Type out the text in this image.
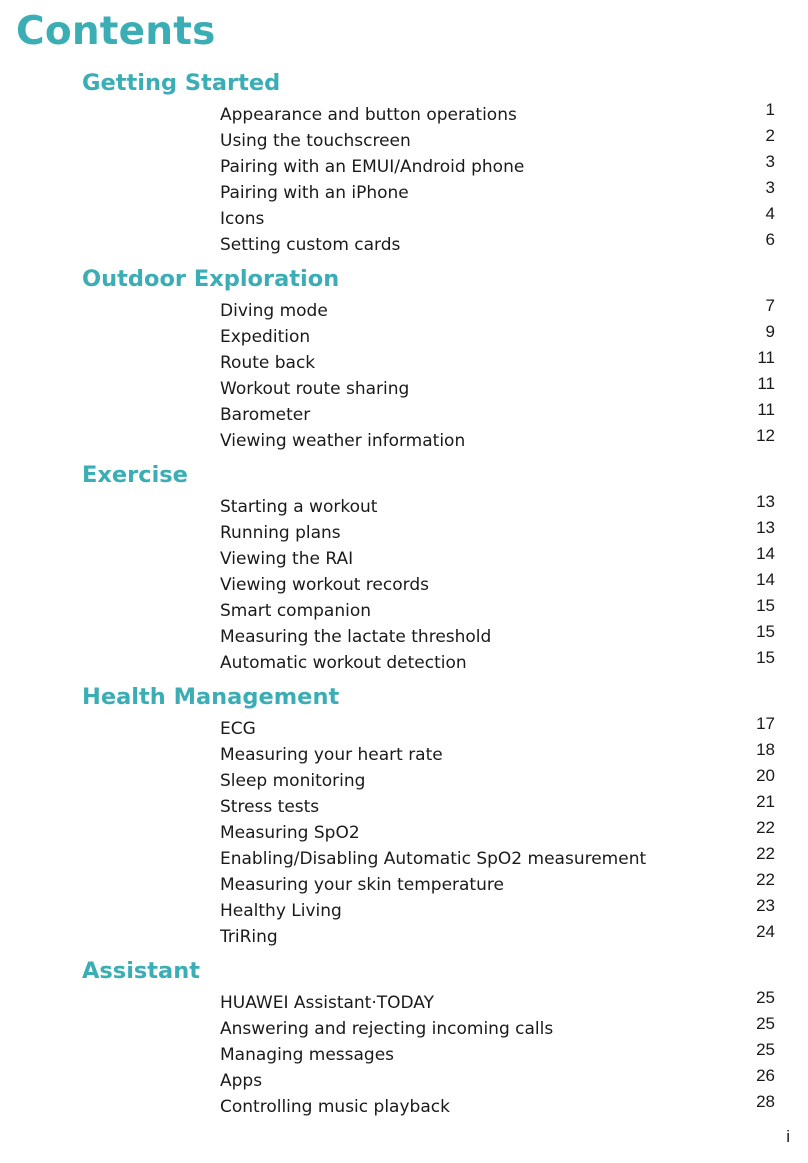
Contents
Getting Started
Appearance and button operations	1
Using the touchscreen	2
Pairing with an EMUI/Android phone	3
Pairing with an iPhone	3
Icons	4
Setting custom cards	6
Outdoor Exploration
Diving mode	7
Expedition	9
Route back	11
Workout route sharing	11
Barometer	11
Viewing weather information	12
Exercise
Starting a workout	13
Running plans	13
Viewing the RAI	14
Viewing workout records	14
Smart companion	15
Measuring the lactate threshold	15
Automatic workout detection	15
Health Management
ECG	17
Measuring your heart rate	18
Sleep monitoring	20
Stress tests	21
Measuring SpO2	22
Enabling/Disabling Automatic SpO2 measurement	22
Measuring your skin temperature	22
Healthy Living	23
TriRing	24
Assistant
HUAWEI Assistant·TODAY	25
Answering and rejecting incoming calls	25
Managing messages	25
Apps	26
Controlling music playback	28
i
